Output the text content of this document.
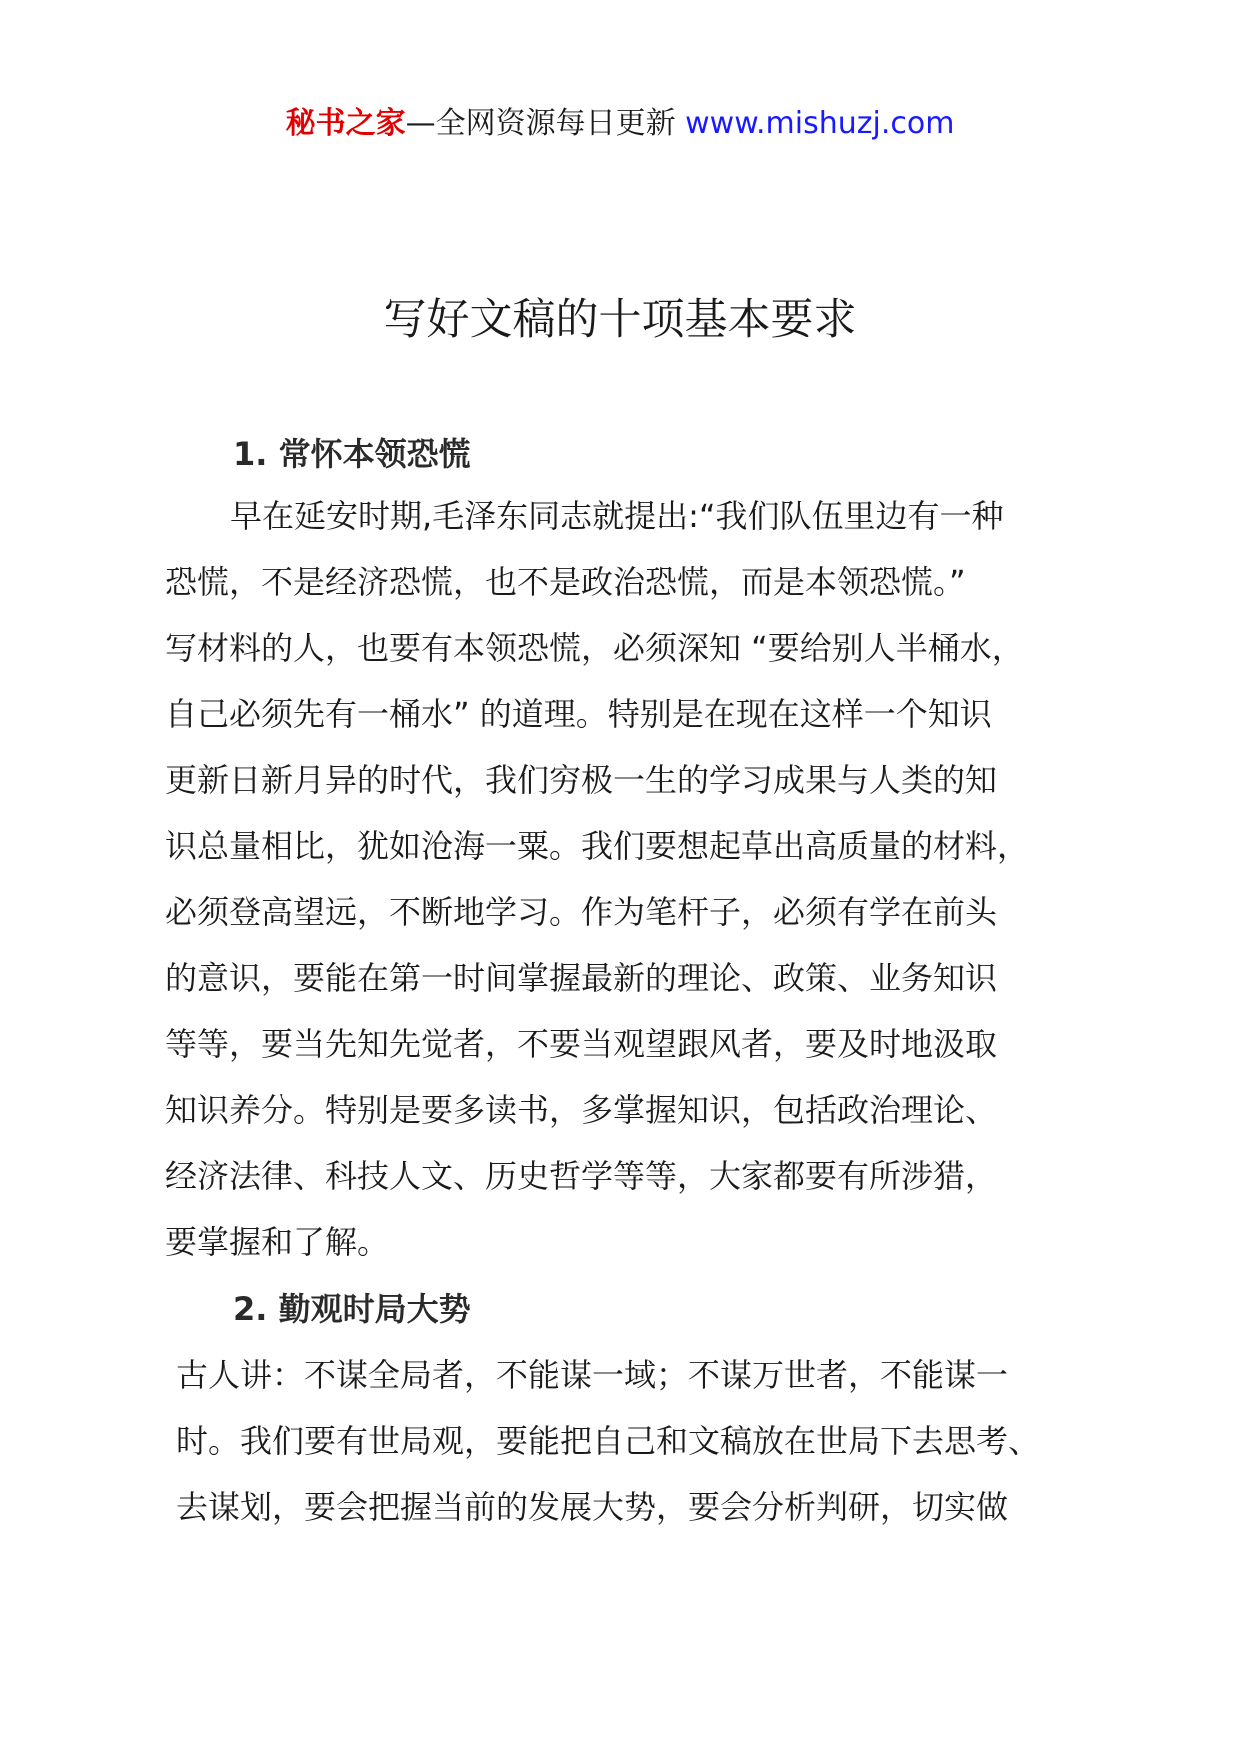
秘书之家—全网资源每日更新 www.mishuzj.com
写好文稿的十项基本要求
1. 常怀本领恐慌
早在延安时期,毛泽东同志就提出:“我们队伍里边有一种
恐慌，不是经济恐慌，也不是政治恐慌，而是本领恐慌。”
写材料的人，也要有本领恐慌，必须深知 “要给别人半桶水，
自己必须先有一桶水” 的道理。特别是在现在这样一个知识
更新日新月异的时代，我们穷极一生的学习成果与人类的知
识总量相比，犹如沧海一粟。我们要想起草出高质量的材料，
必须登高望远，不断地学习。作为笔杆子，必须有学在前头
的意识，要能在第一时间掌握最新的理论、政策、业务知识
等等，要当先知先觉者，不要当观望跟风者，要及时地汲取
知识养分。特别是要多读书，多掌握知识，包括政治理论、
经济法律、科技人文、历史哲学等等，大家都要有所涉猎，
要掌握和了解。
2. 勤观时局大势
古人讲：不谋全局者，不能谋一域；不谋万世者，不能谋一
时。我们要有世局观，要能把自己和文稿放在世局下去思考、
去谋划，要会把握当前的发展大势，要会分析判研，切实做
